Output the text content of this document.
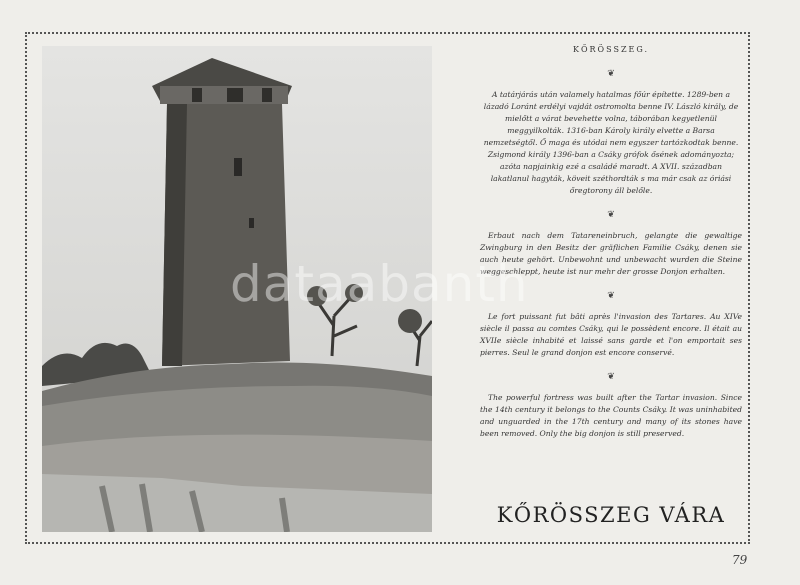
KŐRÖSSZEG.
❦

A tatárjárás után valamely hatalmas főúr építette. 1289-ben a lázadó Loránt erdélyi vajdát ostromolta benne IV. László király, de mielőtt a várat bevehette volna, táborában kegyetlenül meggyilkolták. 1316-ban Károly király elvette a Barsa nemzetségtől. Ő maga és utódai nem egyszer tartózkodtak benne. Zsigmond király 1396-ban a Csáky grófok ősének adományozta; azóta napjainkig ezé a családé maradt. A XVII. században lakatlanul hagyták, köveit széthordták s ma már csak az óriási őregtorony áll belőle.

❦

Erbaut nach dem Tatareneinbruch, gelangte die gewaltige Zwingburg in den Besitz der gräflichen Familie Csáky, denen sie auch heute gehört. Unbewohnt und unbewacht wurden die Steine weggeschleppt, heute ist nur mehr der grosse Donjon erhalten.

❦

Le fort puissant fut bâti après l'invasion des Tartares. Au XIVe siècle il passa au comtes Csáky, qui le possèdent encore. Il était au XVIIe siècle inhabité et laissé sans garde et l'on emportait ses pierres. Seul le grand donjon est encore conservé.

❦

The powerful fortress was built after the Tartar invasion. Since the 14th century it belongs to the Counts Csáky. It was uninhabited and unguarded in the 17th century and many of its stones have been removed. Only the big donjon is still preserved.

KŐRÖSSZEG VÁRA
79
dataabanth
